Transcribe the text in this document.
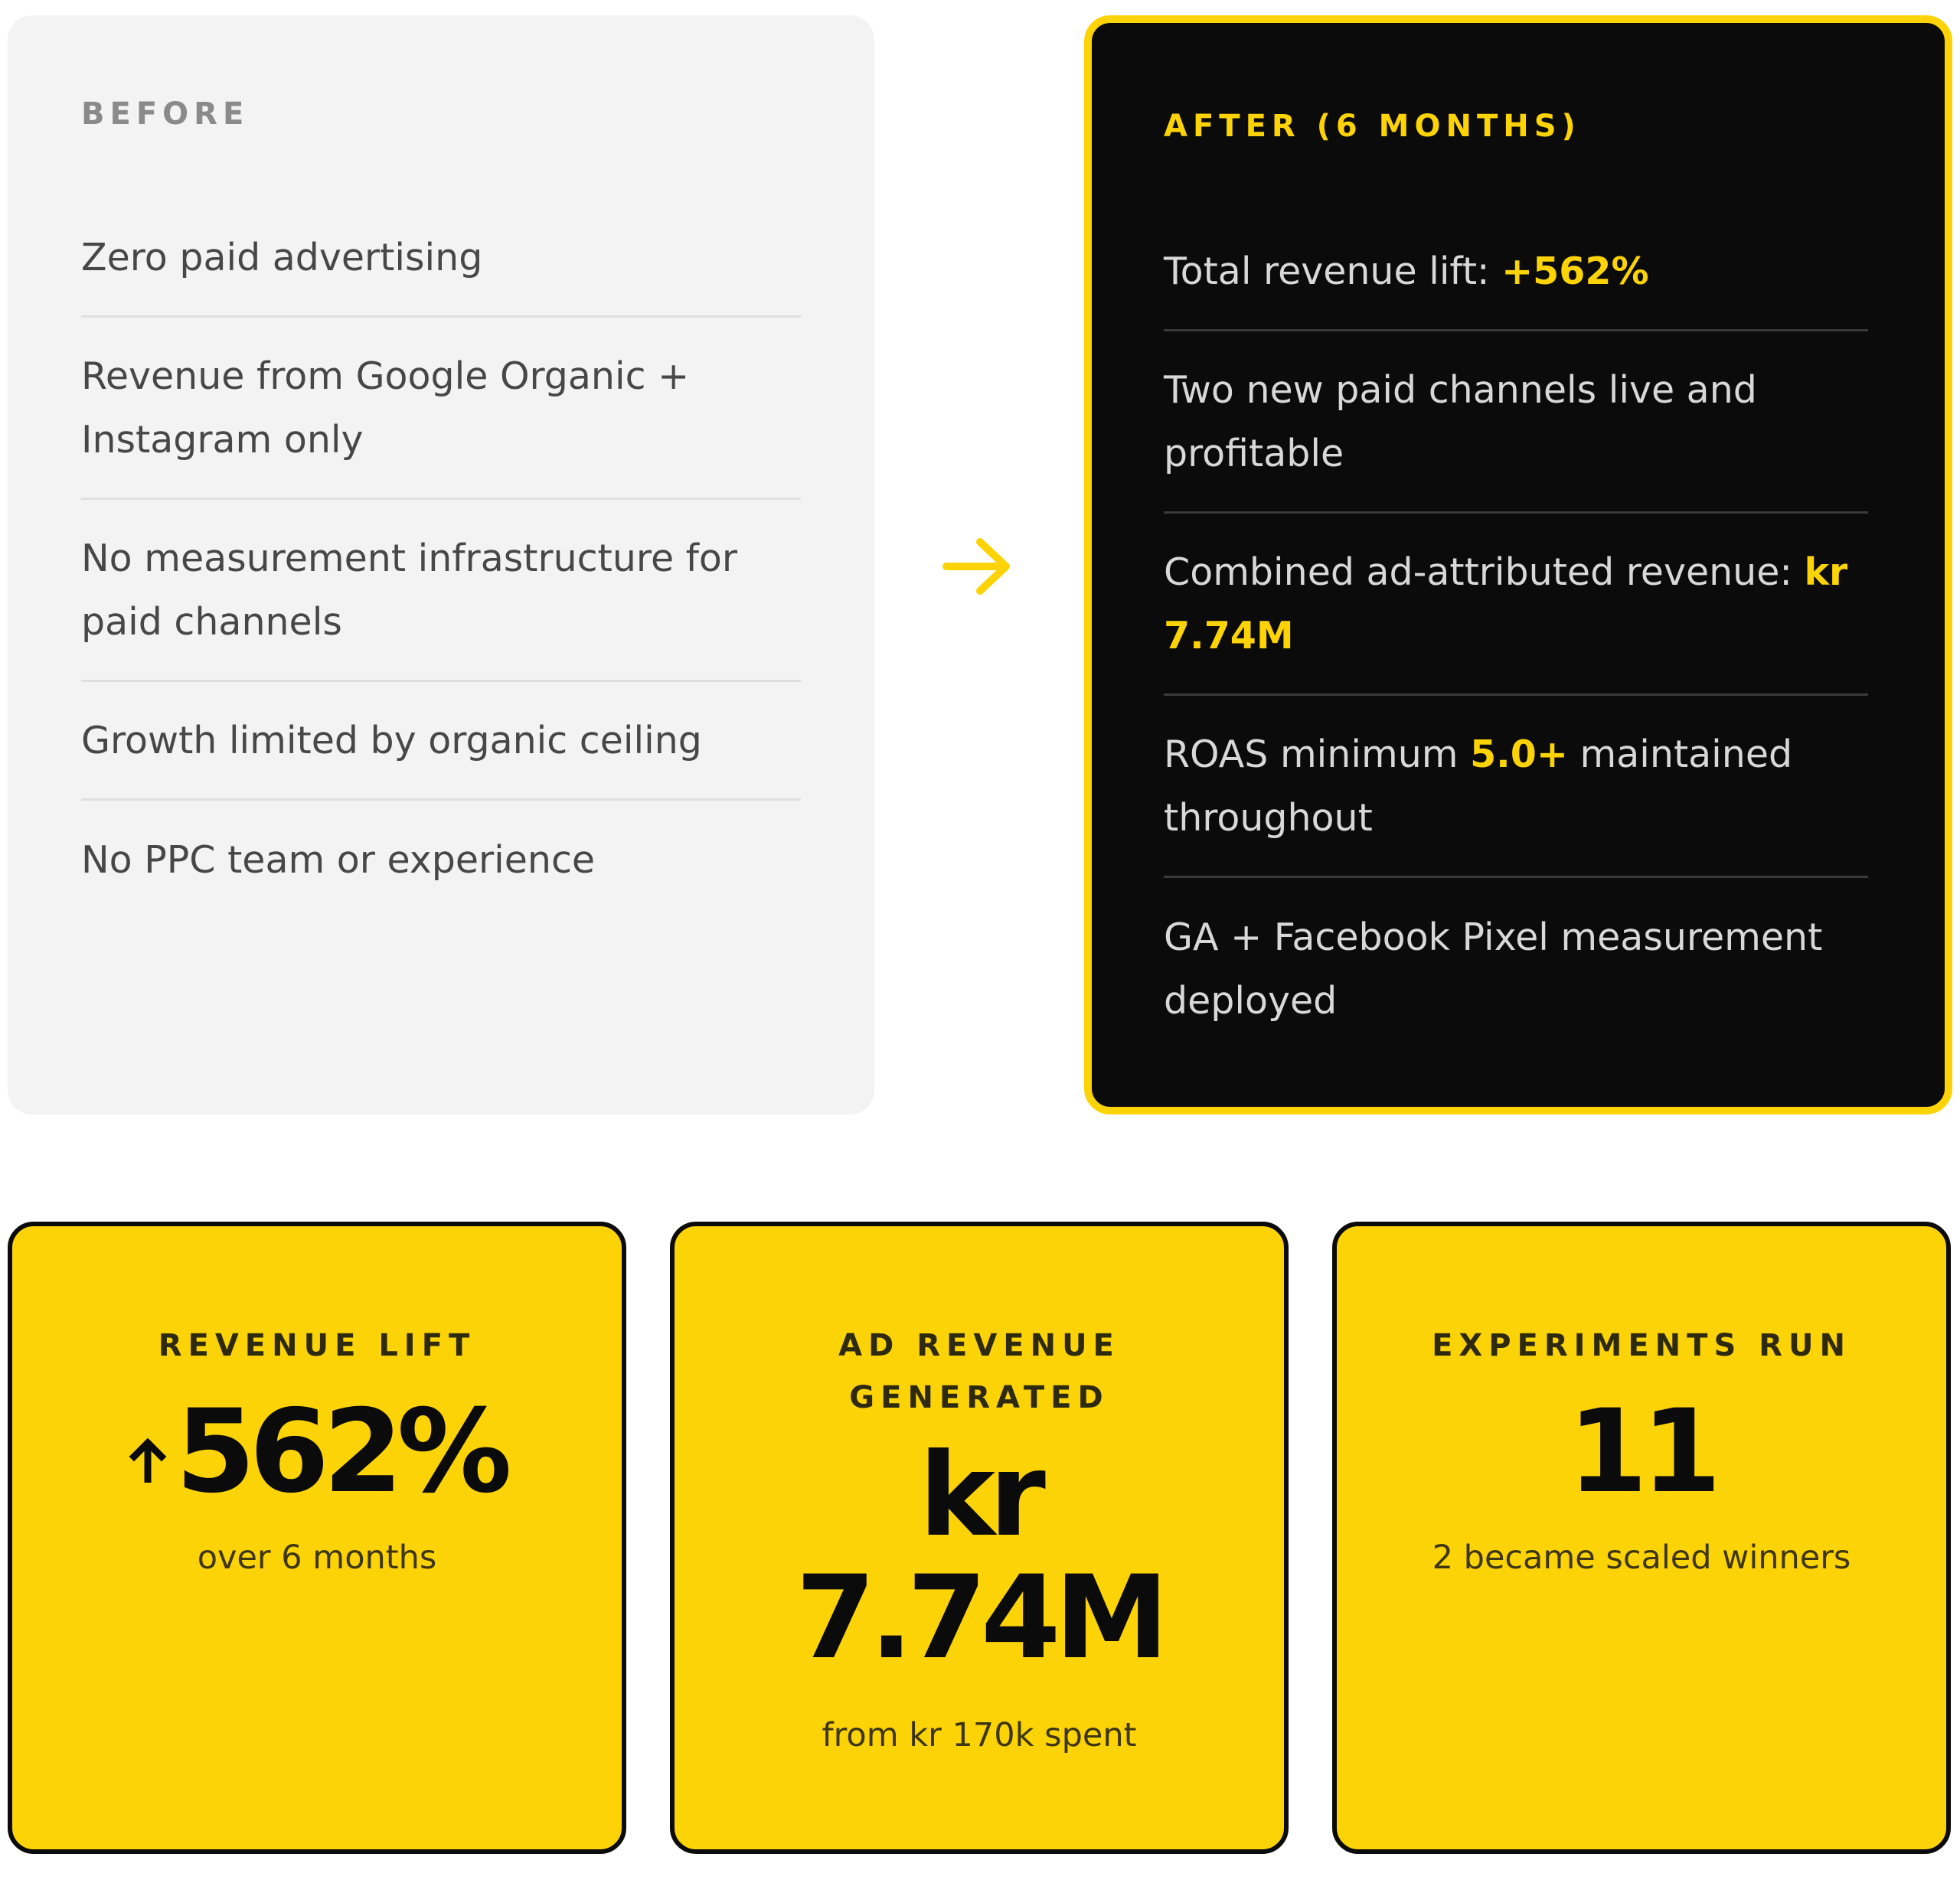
BEFORE
Zero paid advertising
Revenue from Google Organic + Instagram only
No measurement infrastructure for paid channels
Growth limited by organic ceiling
No PPC team or experience
AFTER (6 MONTHS)
Total revenue lift: +562%
Two new paid channels live and profitable
Combined ad-attributed revenue: kr 7.74M
ROAS minimum 5.0+ maintained throughout
GA + Facebook Pixel measurement deployed
REVENUE LIFT
562%
over 6 months
AD REVENUE GENERATED
kr 7.74M
from kr 170k spent
EXPERIMENTS RUN
11
2 became scaled winners
